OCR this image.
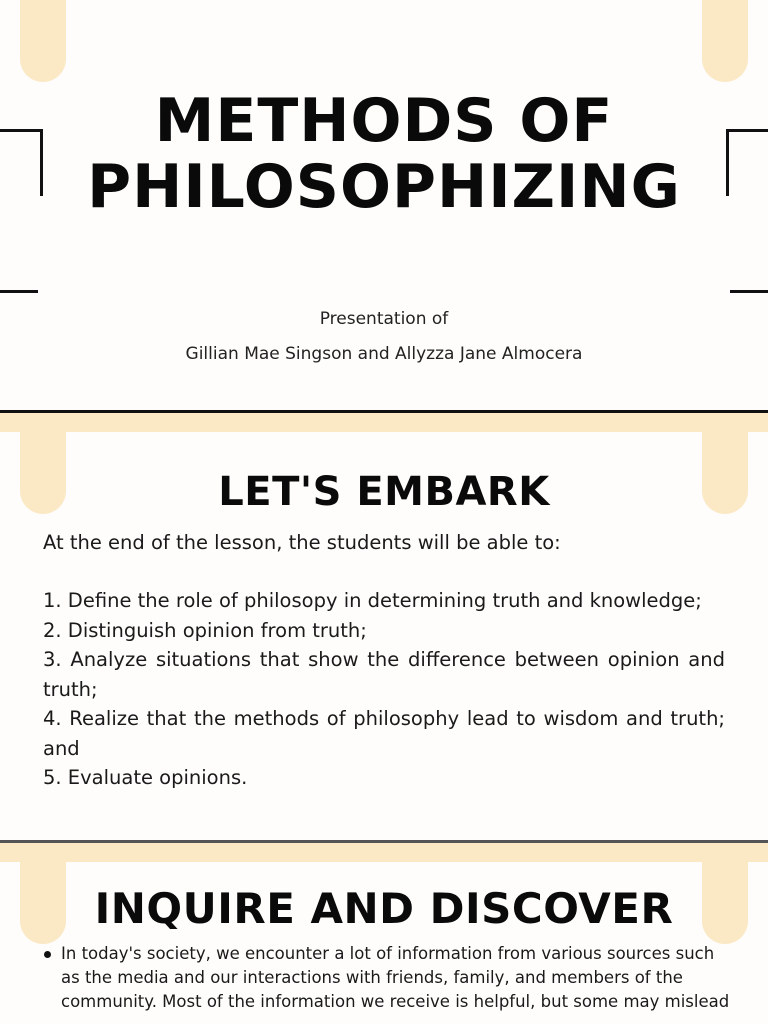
METHODS OF
PHILOSOPHIZING
Presentation of
Gillian Mae Singson and Allyzza Jane Almocera
LET'S EMBARK

At the end of the lesson, the students will be able to:

1. Define the role of philosopy in determining truth and knowledge;
2. Distinguish opinion from truth;
3. Analyze situations that show the difference between opinion and truth;
4. Realize that the methods of philosophy lead to wisdom and truth; and
5. Evaluate opinions.
INQUIRE AND DISCOVER
In today's society, we encounter a lot of information from various sources such as the media and our interactions with friends, family, and members of the community. Most of the information we receive is helpful, but some may mislead
